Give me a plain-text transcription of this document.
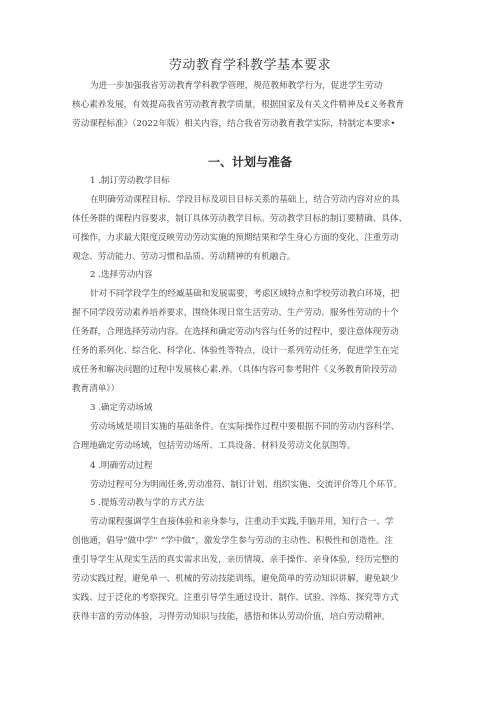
劳动教育学科教学基本要求
为进一步加强我省劳动教育学科教学管理，规范教师教学行为，促进学生劳动
核心素养发展，有效提高我省劳动教育教学质量，根据国家及有关文件精神及£义务教育
劳动课程标准》（2022年版）相关内容，结合我省劳动教育教学实际，特制定本要求•
一、计划与准备
1 .制订劳动教学目标
在明确劳动课程目标、学段目标及项目目标关系的基础上，结合劳动内容对应的具
体任务群的课程内容要求，制订具体劳动教学目标。劳动教学目标的制订要精确、具体、
可操作，力求最大限度反映劳动劳动实施的预期结果和学生身心方面的变化，注重劳动
观念、劳动能力、劳动习惯和品质、劳动精神的有机融合。
2 .选择劳动内容
针对不同学段学生的经臧基础和发展需要，考虑区域特点和学校劳动教白环境，把
握不同学段劳动素养培养要求，围绕体现日常生活劳动、生产劳动、服务性劳动的十个
任务群，合理选择劳动内容。在选择和确定劳动内容与任务的过程中，要注意体现劳动
任务的系列化、综合化、科学化、体验性等特点，设计一系列劳动任务，促进学生在完
成任务和解决问题的过程中发展核心素.养。（具体内容可参考附件《义务教育阶段劳动
教育清单》）
3 .确定劳动场域
劳动场域是项目实施的基础条件。在实际操作过程中要根据不同的劳动内容科学、
合理地确定劳动场域，包括劳动场所、工具设备、材料及劳动文化氛围等。
4 .明确劳动过程
劳动过程可分为明闹任务,劳动准符、制订计划、组织实施、交流评价等几个环节。
5 .提炼劳动教与学的方式方法
劳动课程强调学生直接体验和亲身参与，注重动手实践,手脑并用，知行合一、学
创他通，倡导"做中学'' “学中做”，激发学生参与劳动的主动性、积极性和创造性。注
重引导学生从现实生活的真实需求出发，亲历情境、亲手操作、亲身体验，经历完整的
劳动实践过程，避免单一、机械的劳动技能训练，避免简单的劳动知识讲解，避免缺少
实践、过于泛化的考察探究。注重引导学生通过设计、制作、试验、淬炼、探究等方式
获得丰富的劳动体验，习得劳动知识与技能，感悟和体认劳动价值，培白劳动精神。
